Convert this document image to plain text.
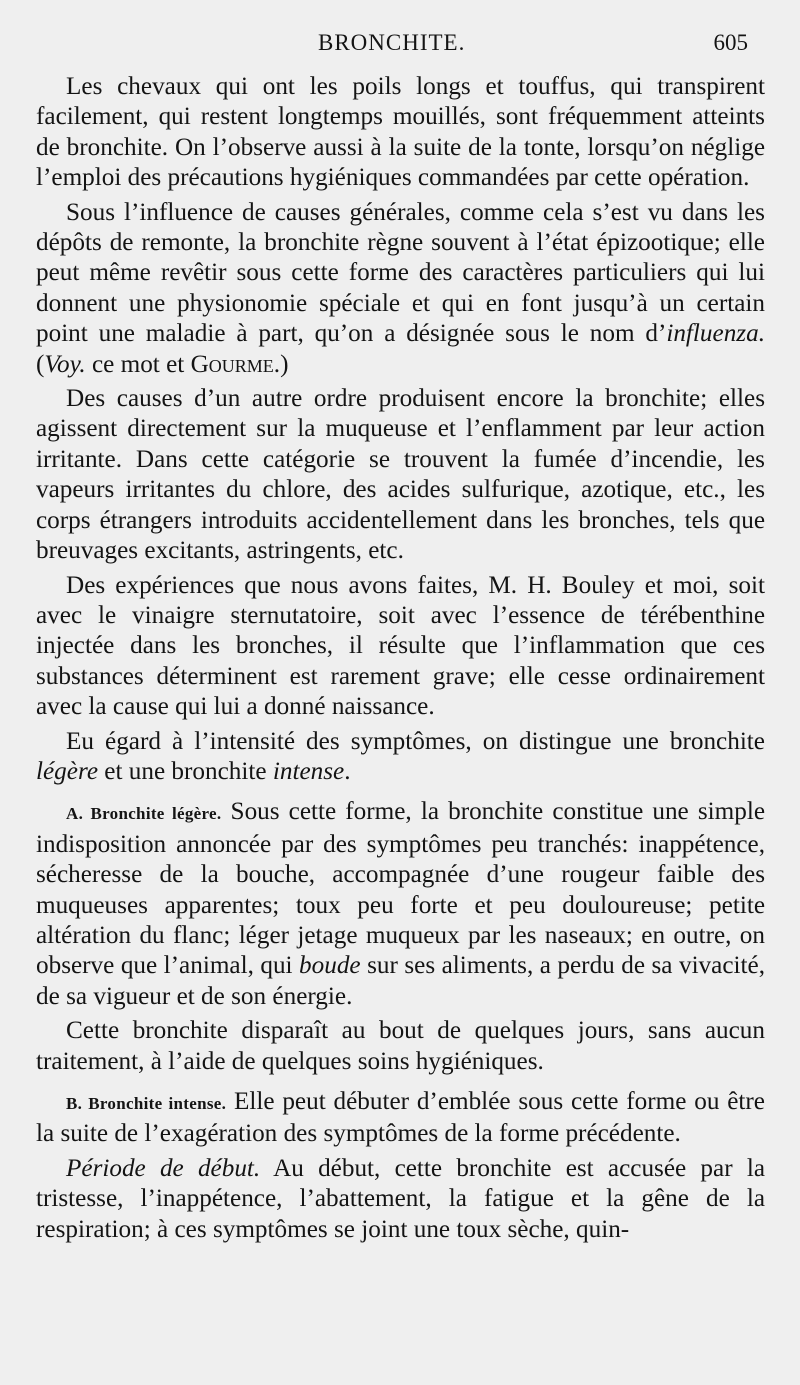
BRONCHITE.	605

Les chevaux qui ont les poils longs et touffus, qui transpirent facilement, qui restent longtemps mouillés, sont fréquemment atteints de bronchite. On l’observe aussi à la suite de la tonte, lorsqu’on néglige l’emploi des précautions hygiéniques commandées par cette opération.

Sous l’influence de causes générales, comme cela s’est vu dans les dépôts de remonte, la bronchite règne souvent à l’état épizootique; elle peut même revêtir sous cette forme des caractères particuliers qui lui donnent une physionomie spéciale et qui en font jusqu’à un certain point une maladie à part, qu’on a désignée sous le nom d’influenza. (Voy. ce mot et Gourme.)

Des causes d’un autre ordre produisent encore la bronchite; elles agissent directement sur la muqueuse et l’enflamment par leur action irritante. Dans cette catégorie se trouvent la fumée d’incendie, les vapeurs irritantes du chlore, des acides sulfurique, azotique, etc., les corps étrangers introduits accidentellement dans les bronches, tels que breuvages excitants, astringents, etc.

Des expériences que nous avons faites, M. H. Bouley et moi, soit avec le vinaigre sternutatoire, soit avec l’essence de térébenthine injectée dans les bronches, il résulte que l’inflammation que ces substances déterminent est rarement grave; elle cesse ordinairement avec la cause qui lui a donné naissance.

Eu égard à l’intensité des symptômes, on distingue une bronchite légère et une bronchite intense.

A. Bronchite légère. Sous cette forme, la bronchite constitue une simple indisposition annoncée par des symptômes peu tranchés: inappétence, sécheresse de la bouche, accompagnée d’une rougeur faible des muqueuses apparentes; toux peu forte et peu douloureuse; petite altération du flanc; léger jetage muqueux par les naseaux; en outre, on observe que l’animal, qui boude sur ses aliments, a perdu de sa vivacité, de sa vigueur et de son énergie.

Cette bronchite disparaît au bout de quelques jours, sans aucun traitement, à l’aide de quelques soins hygiéniques.

B. Bronchite intense. Elle peut débuter d’emblée sous cette forme ou être la suite de l’exagération des symptômes de la forme précédente.

Période de début. Au début, cette bronchite est accusée par la tristesse, l’inappétence, l’abattement, la fatigue et la gêne de la respiration; à ces symptômes se joint une toux sèche, quin-
